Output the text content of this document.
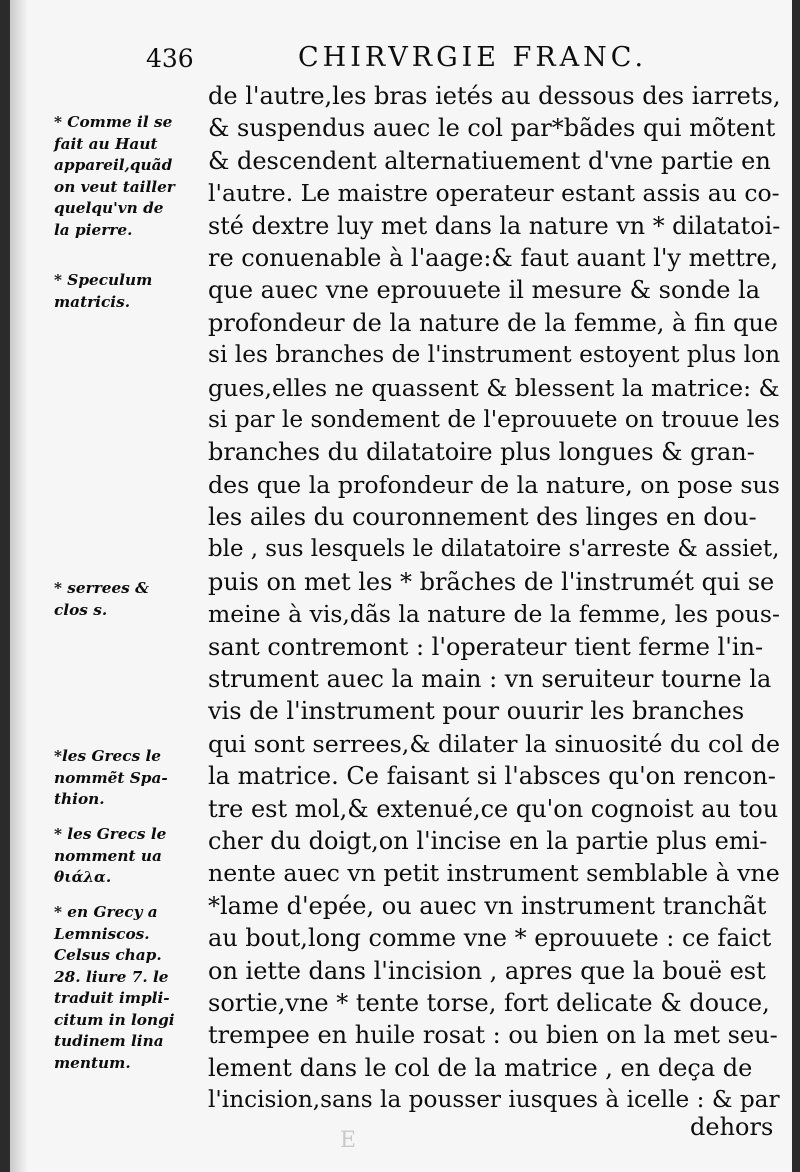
436	CHIRVRGIE FRANC.
* Comme il se
fait au Haut
appareil,quãd
on veut tailler
quelqu'vn de
la pierre.
* Speculum
matricis.
* serrees &
clos s.
*les Grecs le
nommẽt Spa-
thion.
* les Grecs le
nomment ua
θιάλα.
* en Grecy a
Lemniscos.
Celsus chap.
28. liure 7. le
traduit impli-
citum in longi
tudinem lina
mentum.
de l'autre,les bras ietés au dessous des iarrets,
& suspendus auec le col par*bãdes qui mõtent
& descendent alternatiuement d'vne partie en
l'autre. Le maistre operateur estant assis au co-
sté dextre luy met dans la nature vn * dilatatoi-
re conuenable à l'aage:& faut auant l'y mettre,
que auec vne eprouuete il mesure & sonde la
profondeur de la nature de la femme, à fin que
si les branches de l'instrument estoyent plus lon
gues,elles ne quassent & blessent la matrice: &
si par le sondement de l'eprouuete on trouue les
branches du dilatatoire plus longues & gran-
des que la profondeur de la nature, on pose sus
les ailes du couronnement des linges en dou-
ble , sus lesquels le dilatatoire s'arreste & assiet,
puis on met les * brãches de l'instrumét qui se
meine à vis,dãs la nature de la femme, les pous-
sant contremont : l'operateur tient ferme l'in-
strument auec la main : vn seruiteur tourne la
vis de l'instrument pour ouurir les branches
qui sont serrees,& dilater la sinuosité du col de
la matrice. Ce faisant si l'absces qu'on rencon-
tre est mol,& extenué,ce qu'on cognoist au tou
cher du doigt,on l'incise en la partie plus emi-
nente auec vn petit instrument semblable à vne
*lame d'epée, ou auec vn instrument tranchãt
au bout,long comme vne * eprouuete : ce faict
on iette dans l'incision , apres que la bouë est
sortie,vne * tente torse, fort delicate & douce,
trempee en huile rosat : ou bien on la met seu-
lement dans le col de la matrice , en deça de
l'incision,sans la pousser iusques à icelle : & par
E	dehors
